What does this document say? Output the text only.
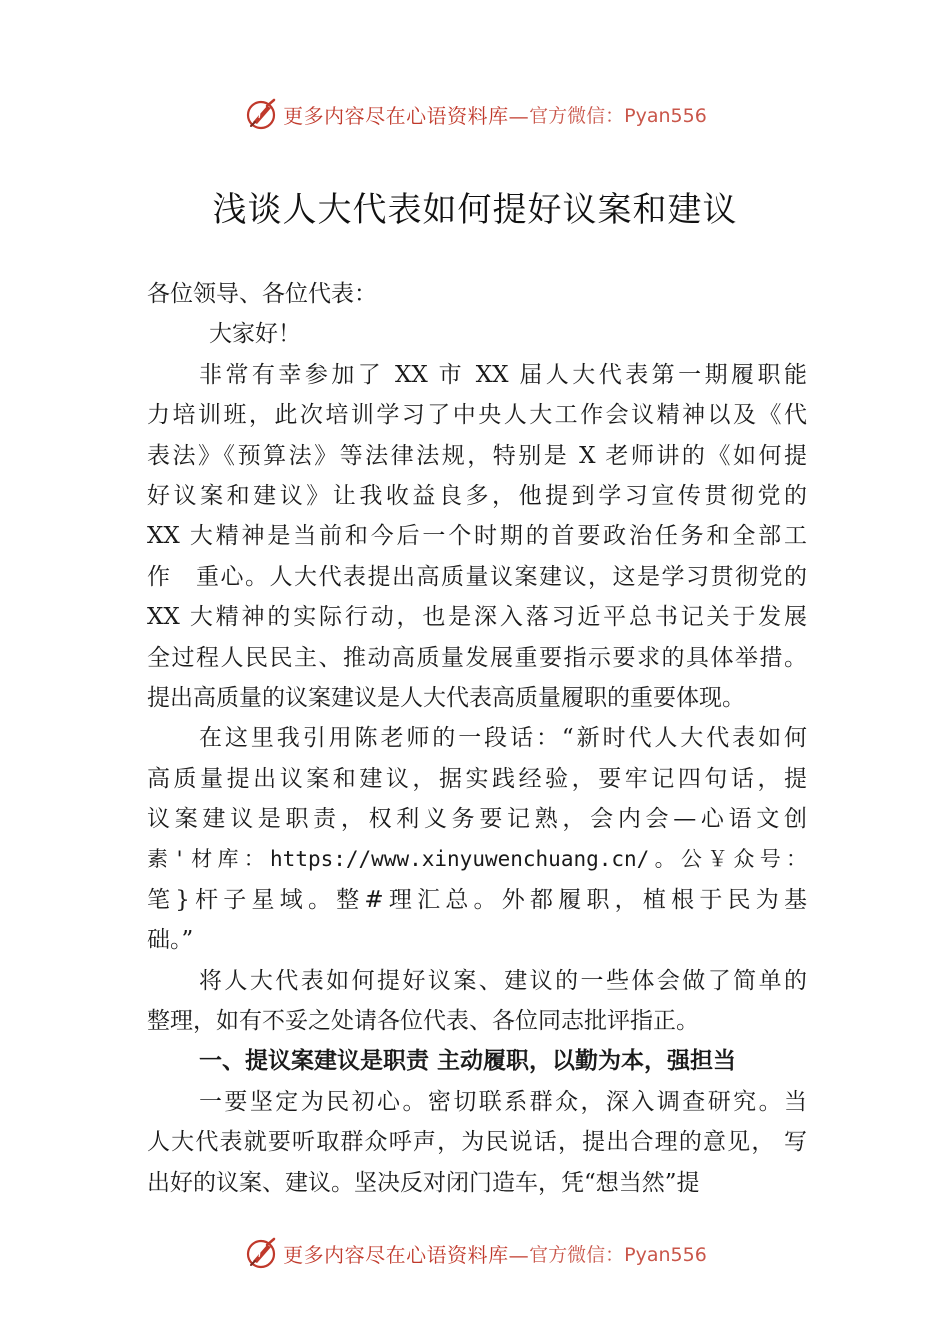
更多内容尽在心语资料库— 官方微信：Pyan556
浅谈人大代表如何提好议案和建议
各位领导、各位代表：
大家好！
非常有幸参加了 XX 市 XX 届人大代表第一期履职能
力培训班，此次培训学习了中央人大工作会议精神以及《代
表法》《预算法》等法律法规，特别是 X 老师讲的《如何提
好议案和建议》让我收益良多，他提到学习宣传贯彻党的
XX 大精神是当前和今后一个时期的首要政治任务和全部工
作　重心。人大代表提出高质量议案建议，这是学习贯彻党的
XX 大精神的实际行动，也是深入落习近平总书记关于发展
全过程人民民主、推动高质量发展重要指示要求的具体举措。
提出高质量的议案建议是人大代表高质量履职的重要体现。
在这里我引用陈老师的一段话：“新时代人大代表如何
高质量提出议案和建议，据实践经验，要牢记四句话，提
议案建议是职责，权利义务要记熟，会内会—心语文创
素'材库：https://www.xinyuwenchuang.cn/。公￥众号：
笔}杆子星域。整#理汇总。外都履职，植根于民为基
础。”
将人大代表如何提好议案、建议的一些体会做了简单的
整理，如有不妥之处请各位代表、各位同志批评指正。
一、提议案建议是职责 主动履职，以勤为本，强担当
一要坚定为民初心。密切联系群众，深入调查研究。当
人大代表就要听取群众呼声，为民说话，提出合理的意见， 写
出好的议案、建议。坚决反对闭门造车，凭“想当然”提
更多内容尽在心语资料库— 官方微信：Pyan556
